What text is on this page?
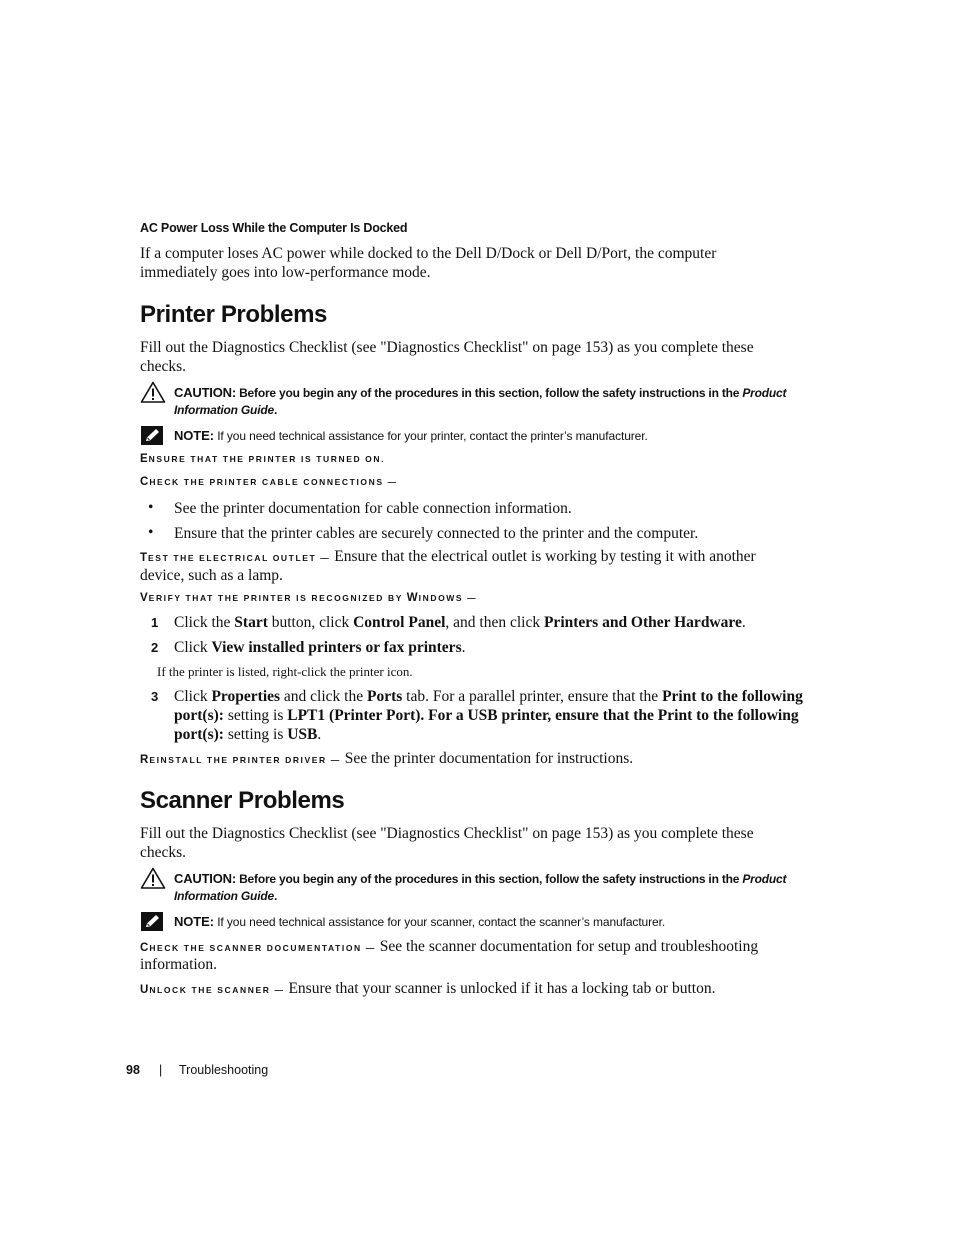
AC Power Loss While the Computer Is Docked
If a computer loses AC power while docked to the Dell D/Dock or Dell D/Port, the computer
immediately goes into low-performance mode.
Printer Problems
Fill out the Diagnostics Checklist (see "Diagnostics Checklist" on page 153) as you complete these
checks.
CAUTION: Before you begin any of the procedures in this section, follow the safety instructions in the Product
Information Guide.
NOTE: If you need technical assistance for your printer, contact the printer’s manufacturer.
ENSURE THAT THE PRINTER IS TURNED ON.
CHECK THE PRINTER CABLE CONNECTIONS —
• See the printer documentation for cable connection information.
• Ensure that the printer cables are securely connected to the printer and the computer.
TEST THE ELECTRICAL OUTLET — Ensure that the electrical outlet is working by testing it with another
device, such as a lamp.
VERIFY THAT THE PRINTER IS RECOGNIZED BY WINDOWS —
1 Click the Start button, click Control Panel, and then click Printers and Other Hardware.
2 Click View installed printers or fax printers.
If the printer is listed, right-click the printer icon.
3 Click Properties and click the Ports tab. For a parallel printer, ensure that the Print to the following
port(s): setting is LPT1 (Printer Port). For a USB printer, ensure that the Print to the following
port(s): setting is USB.
REINSTALL THE PRINTER DRIVER — See the printer documentation for instructions.
Scanner Problems
Fill out the Diagnostics Checklist (see "Diagnostics Checklist" on page 153) as you complete these
checks.
CAUTION: Before you begin any of the procedures in this section, follow the safety instructions in the Product
Information Guide.
NOTE: If you need technical assistance for your scanner, contact the scanner’s manufacturer.
CHECK THE SCANNER DOCUMENTATION — See the scanner documentation for setup and troubleshooting
information.
UNLOCK THE SCANNER — Ensure that your scanner is unlocked if it has a locking tab or button.
98 | Troubleshooting
